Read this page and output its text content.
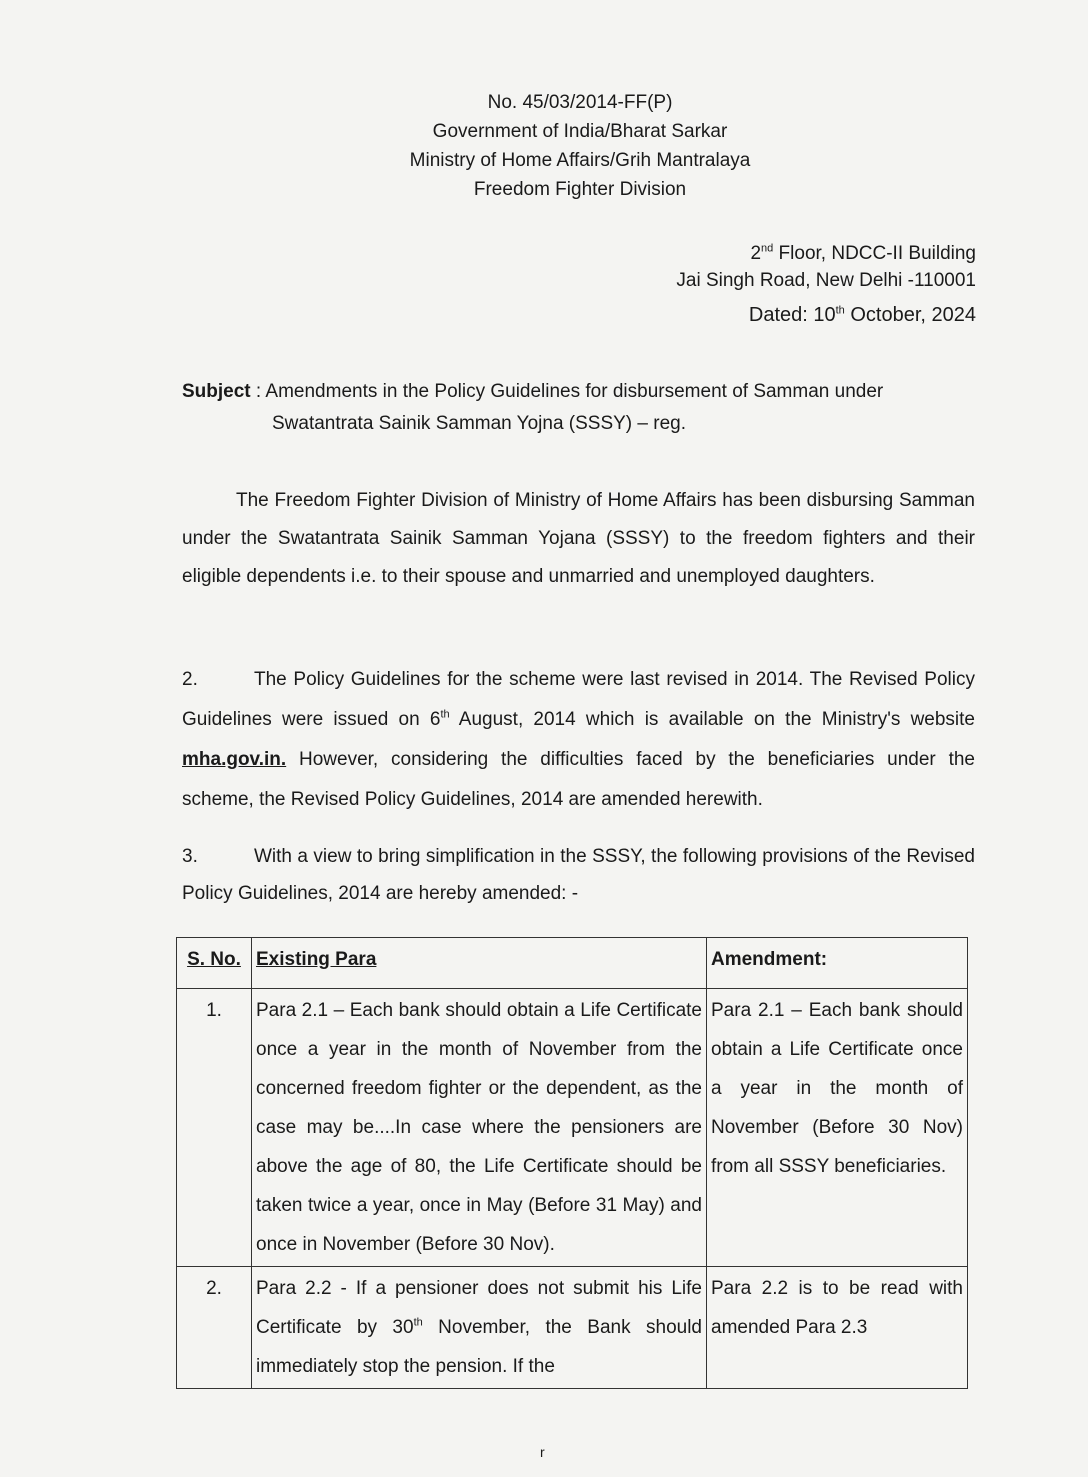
No. 45/03/2014-FF(P)
Government of India/Bharat Sarkar
Ministry of Home Affairs/Grih Mantralaya
Freedom Fighter Division
2nd Floor, NDCC-II Building
Jai Singh Road, New Delhi -110001
Dated: 10th October, 2024
Subject : Amendments in the Policy Guidelines for disbursement of Samman under
Swatantrata Sainik Samman Yojna (SSSY) – reg.
The Freedom Fighter Division of Ministry of Home Affairs has been disbursing Samman under the Swatantrata Sainik Samman Yojana (SSSY) to the freedom fighters and their eligible dependents i.e. to their spouse and unmarried and unemployed daughters.
2.	The Policy Guidelines for the scheme were last revised in 2014. The Revised Policy Guidelines were issued on 6th August, 2014 which is available on the Ministry's website mha.gov.in. However, considering the difficulties faced by the beneficiaries under the scheme, the Revised Policy Guidelines, 2014 are amended herewith.
3.	With a view to bring simplification in the SSSY, the following provisions of the Revised Policy Guidelines, 2014 are hereby amended: -
S. No.	Existing Para	Amendment:
1.	Para 2.1 – Each bank should obtain a Life Certificate once a year in the month of November from the concerned freedom fighter or the dependent, as the case may be....In case where the pensioners are above the age of 80, the Life Certificate should be taken twice a year, once in May (Before 31 May) and once in November (Before 30 Nov).	Para 2.1 – Each bank should obtain a Life Certificate once a year in the month of November (Before 30 Nov) from all SSSY beneficiaries.
2.	Para 2.2 - If a pensioner does not submit his Life Certificate by 30th November, the Bank should immediately stop the pension. If the	Para 2.2 is to be read with amended Para 2.3
r
